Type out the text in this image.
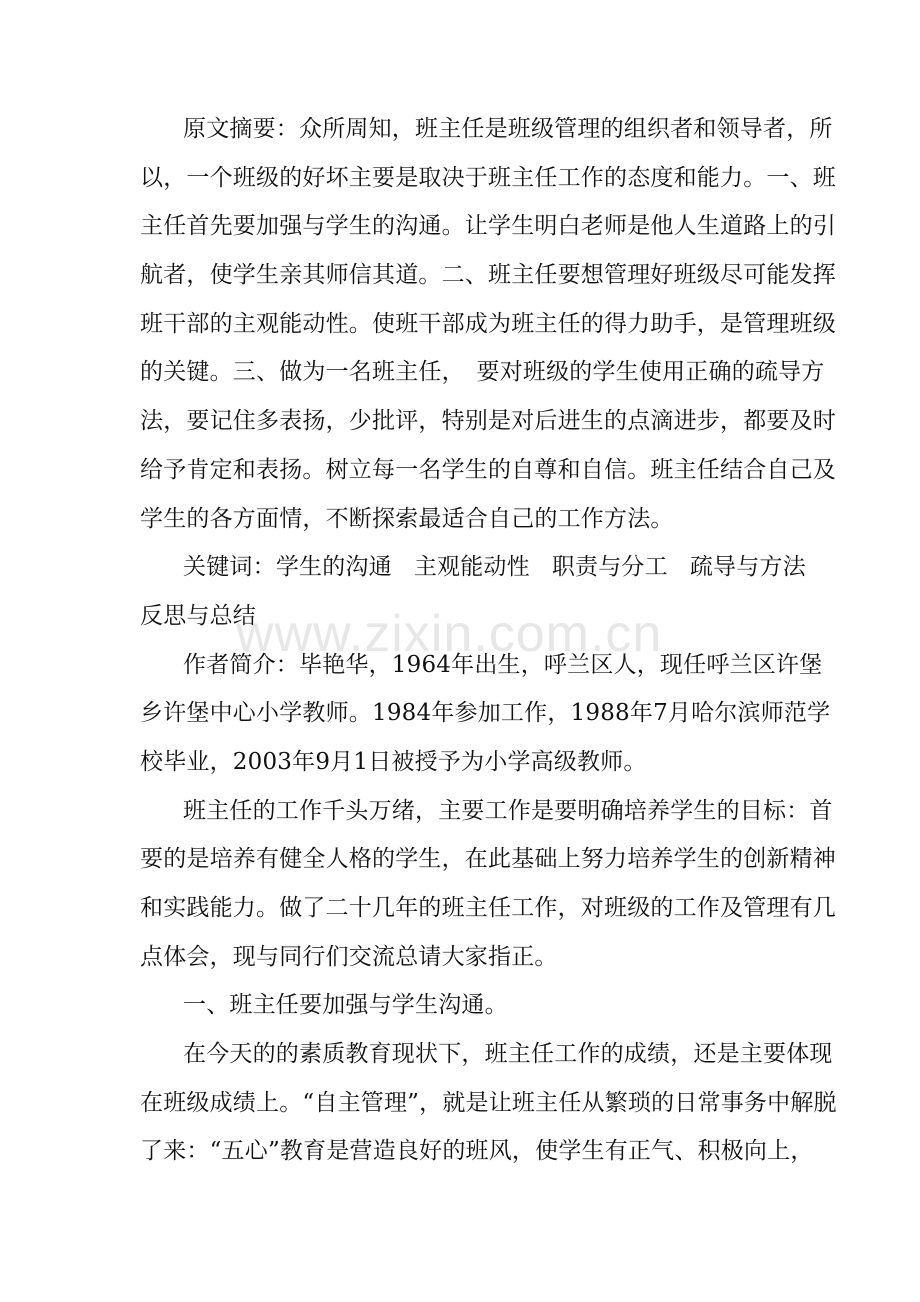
原文摘要：众所周知，班主任是班级管理的组织者和领导者，所
以，一个班级的好坏主要是取决于班主任工作的态度和能力。一、班
主任首先要加强与学生的沟通。让学生明白老师是他人生道路上的引
航者，使学生亲其师信其道。二、班主任要想管理好班级尽可能发挥
班干部的主观能动性。使班干部成为班主任的得力助手，是管理班级
的关键。三、做为一名班主任，　要对班级的学生使用正确的疏导方
法，要记住多表扬，少批评，特别是对后进生的点滴进步，都要及时
给予肯定和表扬。树立每一名学生的自尊和自信。班主任结合自己及
学生的各方面情，不断探索最适合自己的工作方法。
关键词：学生的沟通 主观能动性 职责与分工 疏导与方法
反思与总结
作者简介：毕艳华，1964年出生，呼兰区人，现任呼兰区许堡
乡许堡中心小学教师。1984年参加工作，1988年7月哈尔滨师范学
校毕业，2003年9月1日被授予为小学高级教师。
班主任的工作千头万绪，主要工作是要明确培养学生的目标：首
要的是培养有健全人格的学生，在此基础上努力培养学生的创新精神
和实践能力。做了二十几年的班主任工作，对班级的工作及管理有几
点体会，现与同行们交流总请大家指正。
一、班主任要加强与学生沟通。
在今天的的素质教育现状下，班主任工作的成绩，还是主要体现
在班级成绩上。“自主管理”，就是让班主任从繁琐的日常事务中解脱
了来：“五心”教育是营造良好的班风，使学生有正气、积极向上，
www.zixin.com.cn
